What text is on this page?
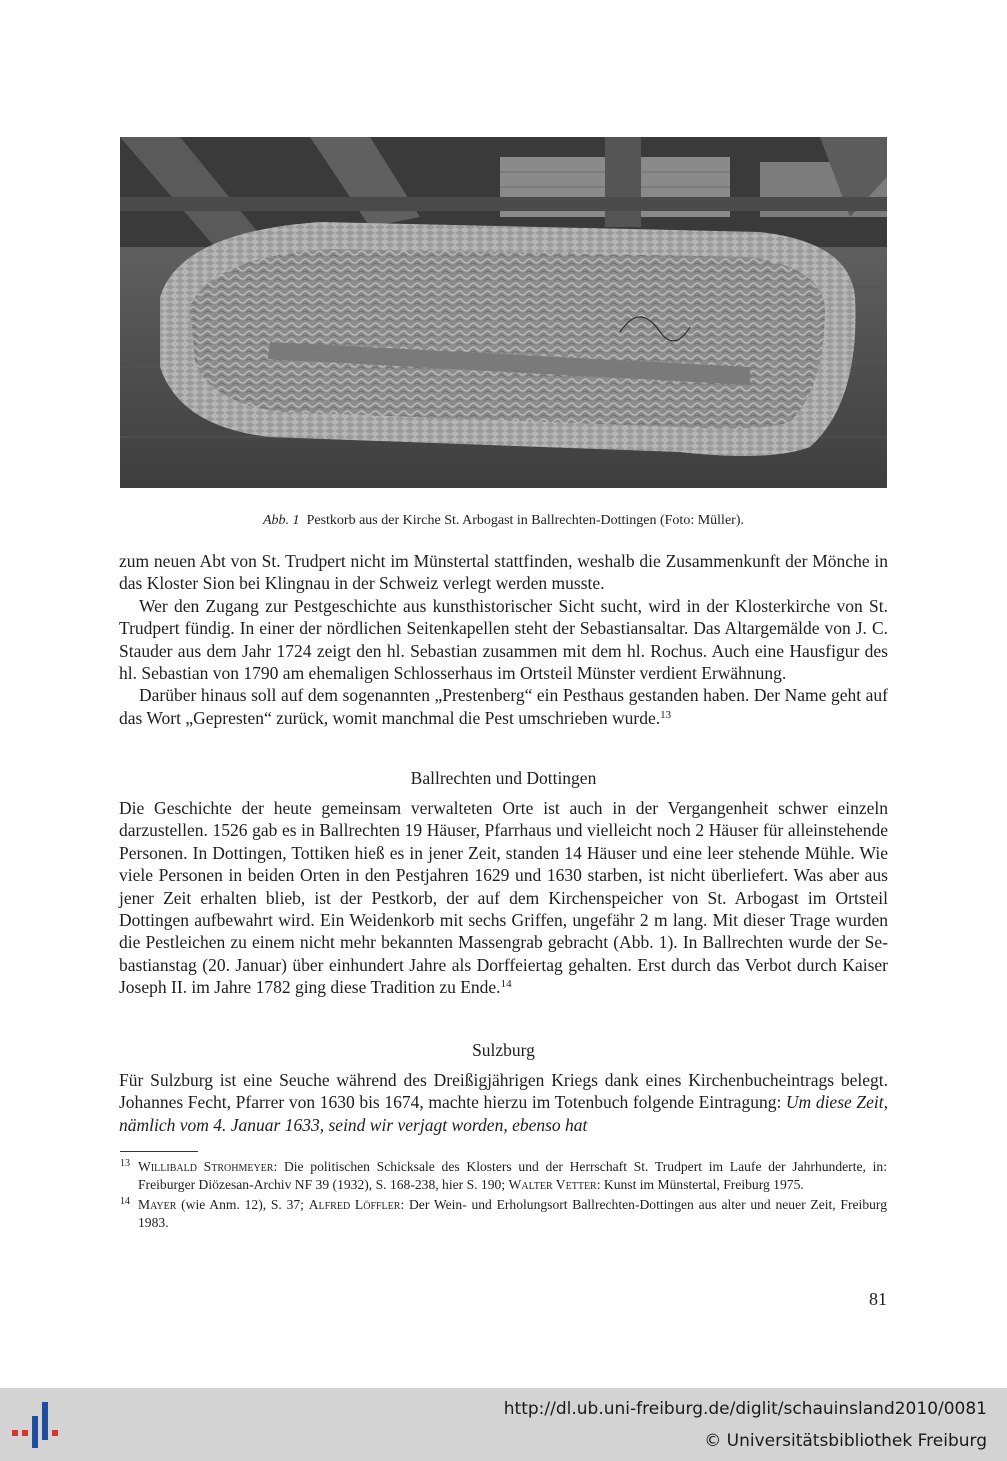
Abb. 1 Pestkorb aus der Kirche St. Arbogast in Ballrechten-Dottingen (Foto: Müller).

zum neuen Abt von St. Trudpert nicht im Münstertal stattfinden, weshalb die Zusammenkunft der Mönche in das Kloster Sion bei Klingnau in der Schweiz verlegt werden musste.

Wer den Zugang zur Pestgeschichte aus kunsthistorischer Sicht sucht, wird in der Klosterkirche von St. Trudpert fündig. In einer der nördlichen Seitenkapellen steht der Sebastiansaltar. Das Altargemälde von J. C. Stauder aus dem Jahr 1724 zeigt den hl. Sebastian zusammen mit dem hl. Rochus. Auch eine Hausfigur des hl. Sebastian von 1790 am ehemaligen Schlosserhaus im Ortsteil Münster verdient Erwähnung.

Darüber hinaus soll auf dem sogenannten „Prestenberg“ ein Pesthaus gestanden haben. Der Name geht auf das Wort „Gepresten“ zurück, womit manchmal die Pest umschrieben wurde.$^{13}$

Ballrechten und Dottingen

Die Geschichte der heute gemeinsam verwalteten Orte ist auch in der Vergangenheit schwer einzeln darzustellen. 1526 gab es in Ballrechten 19 Häuser, Pfarrhaus und vielleicht noch 2 Häuser für alleinstehende Personen. In Dottingen, Tottiken hieß es in jener Zeit, standen 14 Häuser und eine leer stehende Mühle. Wie viele Personen in beiden Orten in den Pestjahren 1629 und 1630 starben, ist nicht überliefert. Was aber aus jener Zeit erhalten blieb, ist der Pestkorb, der auf dem Kirchenspeicher von St. Arbogast im Ortsteil Dottingen aufbewahrt wird. Ein Weidenkorb mit sechs Griffen, ungefähr 2 m lang. Mit dieser Trage wurden die Pestleichen zu einem nicht mehr bekannten Massengrab gebracht (Abb. 1). In Ballrechten wurde der Sebastianstag (20. Januar) über einhundert Jahre als Dorffeiertag gehalten. Erst durch das Verbot durch Kaiser Joseph II. im Jahre 1782 ging diese Tradition zu Ende.$^{14}$

Sulzburg

Für Sulzburg ist eine Seuche während des Dreißigjährigen Kriegs dank eines Kirchenbucheintrags belegt. Johannes Fecht, Pfarrer von 1630 bis 1674, machte hierzu im Totenbuch folgende Eintragung: Um diese Zeit, nämlich vom 4. Januar 1633, seind wir verjagt worden, ebenso hat

13 Willibald Strohmeyer: Die politischen Schicksale des Klosters und der Herrschaft St. Trudpert im Laufe der Jahrhunderte, in: Freiburger Diözesan-Archiv NF 39 (1932), S. 168-238, hier S. 190; Walter Vetter: Kunst im Münstertal, Freiburg 1975.
14 Mayer (wie Anm. 12), S. 37; Alfred Löffler: Der Wein- und Erholungsort Ballrechten-Dottingen aus alter und neuer Zeit, Freiburg 1983.
81
http://dl.ub.uni-freiburg.de/diglit/schauinsland2010/0081
© Universitätsbibliothek Freiburg
